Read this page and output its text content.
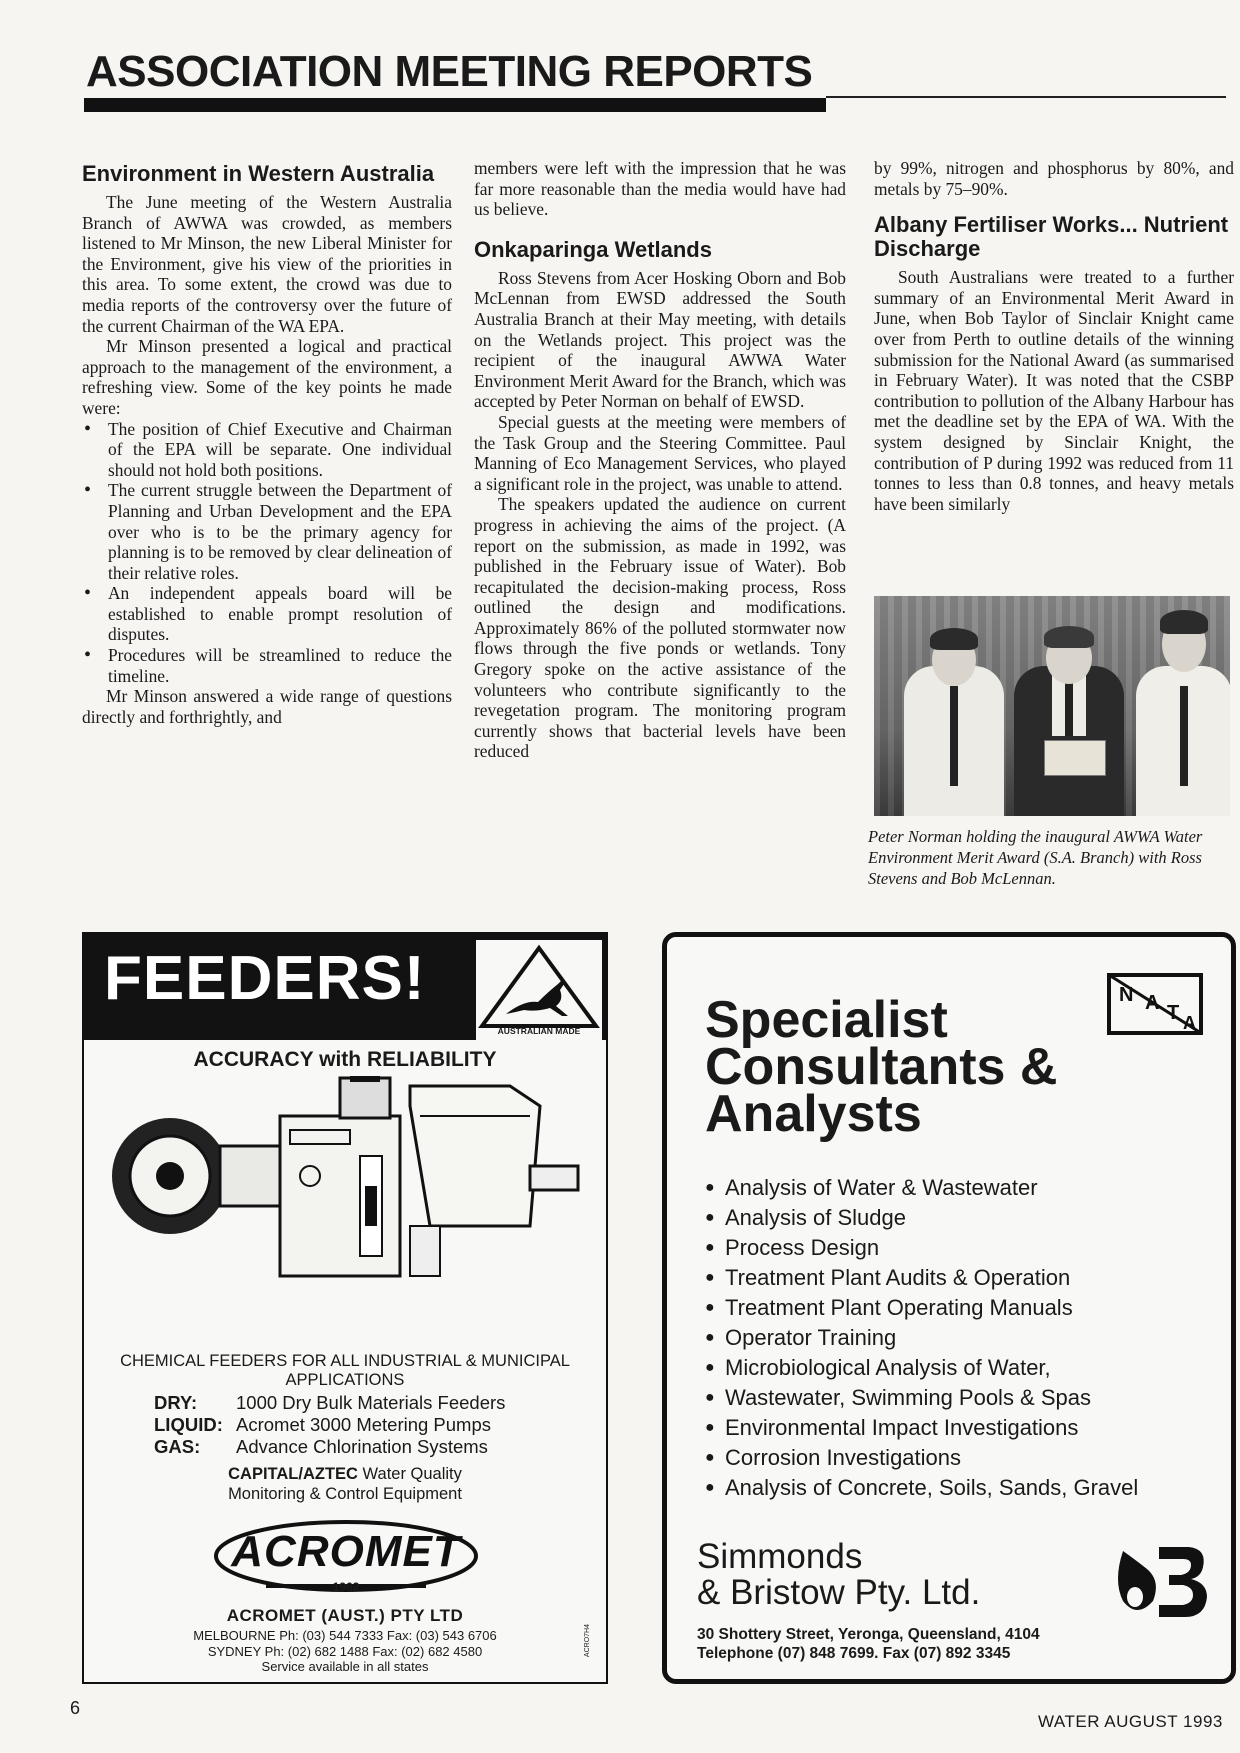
ASSOCIATION MEETING REPORTS
Environment in Western Australia

The June meeting of the Western Australia Branch of AWWA was crowded, as members listened to Mr Minson, the new Liberal Minister for the Environment, give his view of the priorities in this area. To some extent, the crowd was due to media reports of the controversy over the future of the current Chairman of the WA EPA.

Mr Minson presented a logical and practical approach to the management of the environment, a refreshing view. Some of the key points he made were:

• The position of Chief Executive and Chairman of the EPA will be separate. One individual should not hold both positions.
• The current struggle between the Department of Planning and Urban Development and the EPA over who is to be the primary agency for planning is to be removed by clear delineation of their relative roles.
• An independent appeals board will be established to enable prompt resolution of disputes.
• Procedures will be streamlined to reduce the timeline.

Mr Minson answered a wide range of questions directly and forthrightly, and

members were left with the impression that he was far more reasonable than the media would have had us believe.

Onkaparinga Wetlands

Ross Stevens from Acer Hosking Oborn and Bob McLennan from EWSD addressed the South Australia Branch at their May meeting, with details on the Wetlands project. This project was the recipient of the inaugural AWWA Water Environment Merit Award for the Branch, which was accepted by Peter Norman on behalf of EWSD.

Special guests at the meeting were members of the Task Group and the Steering Committee. Paul Manning of Eco Management Services, who played a significant role in the project, was unable to attend.

The speakers updated the audience on current progress in achieving the aims of the project. (A report on the submission, as made in 1992, was published in the February issue of Water). Bob recapitulated the decision-making process, Ross outlined the design and modifications. Approximately 86% of the polluted stormwater now flows through the five ponds or wetlands. Tony Gregory spoke on the active assistance of the volunteers who contribute significantly to the revegetation program. The monitoring program currently shows that bacterial levels have been reduced

by 99%, nitrogen and phosphorus by 80%, and metals by 75–90%.

Albany Fertiliser Works... Nutrient Discharge

South Australians were treated to a further summary of an Environmental Merit Award in June, when Bob Taylor of Sinclair Knight came over from Perth to outline details of the winning submission for the National Award (as summarised in February Water). It was noted that the CSBP contribution to pollution of the Albany Harbour has met the deadline set by the EPA of WA. With the system designed by Sinclair Knight, the contribution of P during 1992 was reduced from 11 tonnes to less than 0.8 tonnes, and heavy metals have been similarly

Peter Norman holding the inaugural AWWA Water Environment Merit Award (S.A. Branch) with Ross Stevens and Bob McLennan.
FEEDERS!
AUSTRALIAN MADE
ACCURACY with RELIABILITY
CHEMICAL FEEDERS FOR ALL INDUSTRIAL & MUNICIPAL APPLICATIONS
DRY:	1000 Dry Bulk Materials Feeders
LIQUID: Acromet 3000 Metering Pumps
GAS:	Advance Chlorination Systems
CAPITAL/AZTEC Water Quality
Monitoring & Control Equipment
ACROMET
1962
ACROMET (AUST.) PTY LTD
MELBOURNE Ph: (03) 544 7333 Fax: (03) 543 6706
SYDNEY Ph: (02) 682 1488 Fax: (02) 682 4580
Service available in all states
ACRO7H4
Specialist Consultants & Analysts
N A T A
● Analysis of Water & Wastewater
● Analysis of Sludge
● Process Design
● Treatment Plant Audits & Operation
● Treatment Plant Operating Manuals
● Operator Training
● Microbiological Analysis of Water,
● Wastewater, Swimming Pools & Spas
● Environmental Impact Investigations
● Corrosion Investigations
● Analysis of Concrete, Soils, Sands, Gravel
Simmonds
& Bristow Pty. Ltd.
30 Shottery Street, Yeronga, Queensland, 4104
Telephone (07) 848 7699. Fax (07) 892 3345
6
WATER AUGUST 1993
